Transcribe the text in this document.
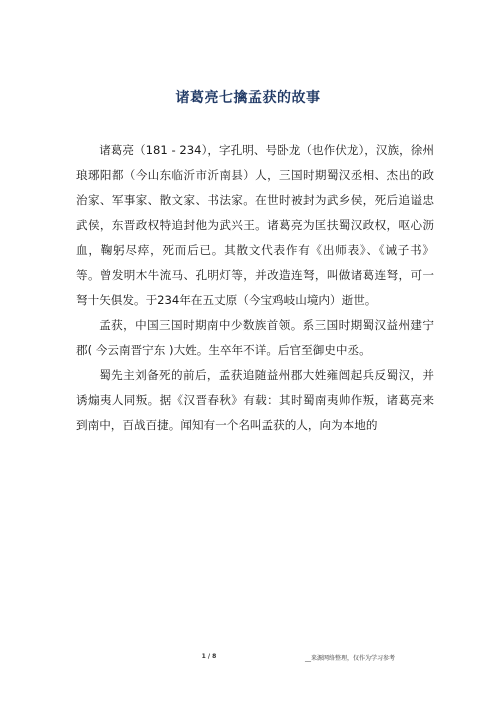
诸葛亮七擒孟获的故事

诸葛亮（181 - 234），字孔明、号卧龙（也作伏龙），汉族，徐州琅琊阳都（今山东临沂市沂南县）人，三国时期蜀汉丞相、杰出的政治家、军事家、散文家、书法家。在世时被封为武乡侯，死后追谥忠武侯，东晋政权特追封他为武兴王。诸葛亮为匡扶蜀汉政权，呕心沥血，鞠躬尽瘁，死而后已。其散文代表作有《出师表》、《诫子书》等。曾发明木牛流马、孔明灯等，并改造连弩，叫做诸葛连弩，可一弩十矢俱发。于234年在五丈原（今宝鸡岐山境内）逝世。

孟获，中国三国时期南中少数族首领。系三国时期蜀汉益州建宁郡( 今云南晋宁东 )大姓。生卒年不详。后官至御史中丞。

蜀先主刘备死的前后，孟获追随益州郡大姓雍闿起兵反蜀汉，并诱煽夷人同叛。据《汉晋春秋》有载：其时蜀南夷帅作叛，诸葛亮来到南中，百战百捷。闻知有一个名叫孟获的人，向为本地的

1 / 8	__来源网络整理，仅作为学习参考
